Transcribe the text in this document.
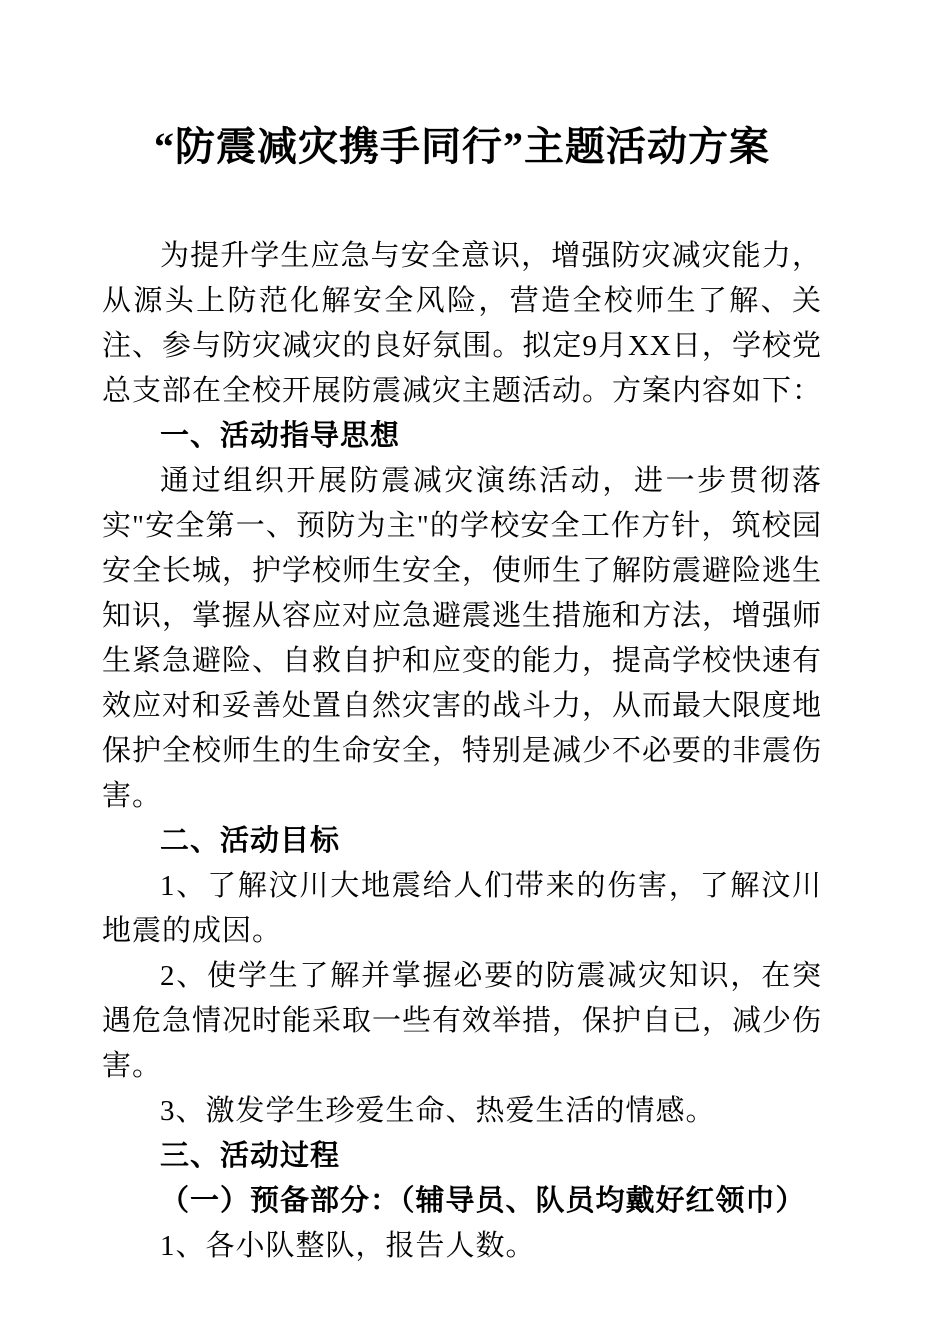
“防震减灾携手同行”主题活动方案

为提升学生应急与安全意识，增强防灾减灾能力，从源头上防范化解安全风险，营造全校师生了解、关注、参与防灾减灾的良好氛围。拟定9月XX日，学校党总支部在全校开展防震减灾主题活动。方案内容如下：

一、活动指导思想

通过组织开展防震减灾演练活动，进一步贯彻落实"安全第一、预防为主"的学校安全工作方针，筑校园安全长城，护学校师生安全，使师生了解防震避险逃生知识，掌握从容应对应急避震逃生措施和方法，增强师生紧急避险、自救自护和应变的能力，提高学校快速有效应对和妥善处置自然灾害的战斗力，从而最大限度地保护全校师生的生命安全，特别是减少不必要的非震伤害。

二、活动目标

1、了解汶川大地震给人们带来的伤害，了解汶川地震的成因。

2、使学生了解并掌握必要的防震减灾知识，在突遇危急情况时能采取一些有效举措，保护自已，减少伤害。

3、激发学生珍爱生命、热爱生活的情感。

三、活动过程

（一）预备部分：（辅导员、队员均戴好红领巾）

1、各小队整队，报告人数。
